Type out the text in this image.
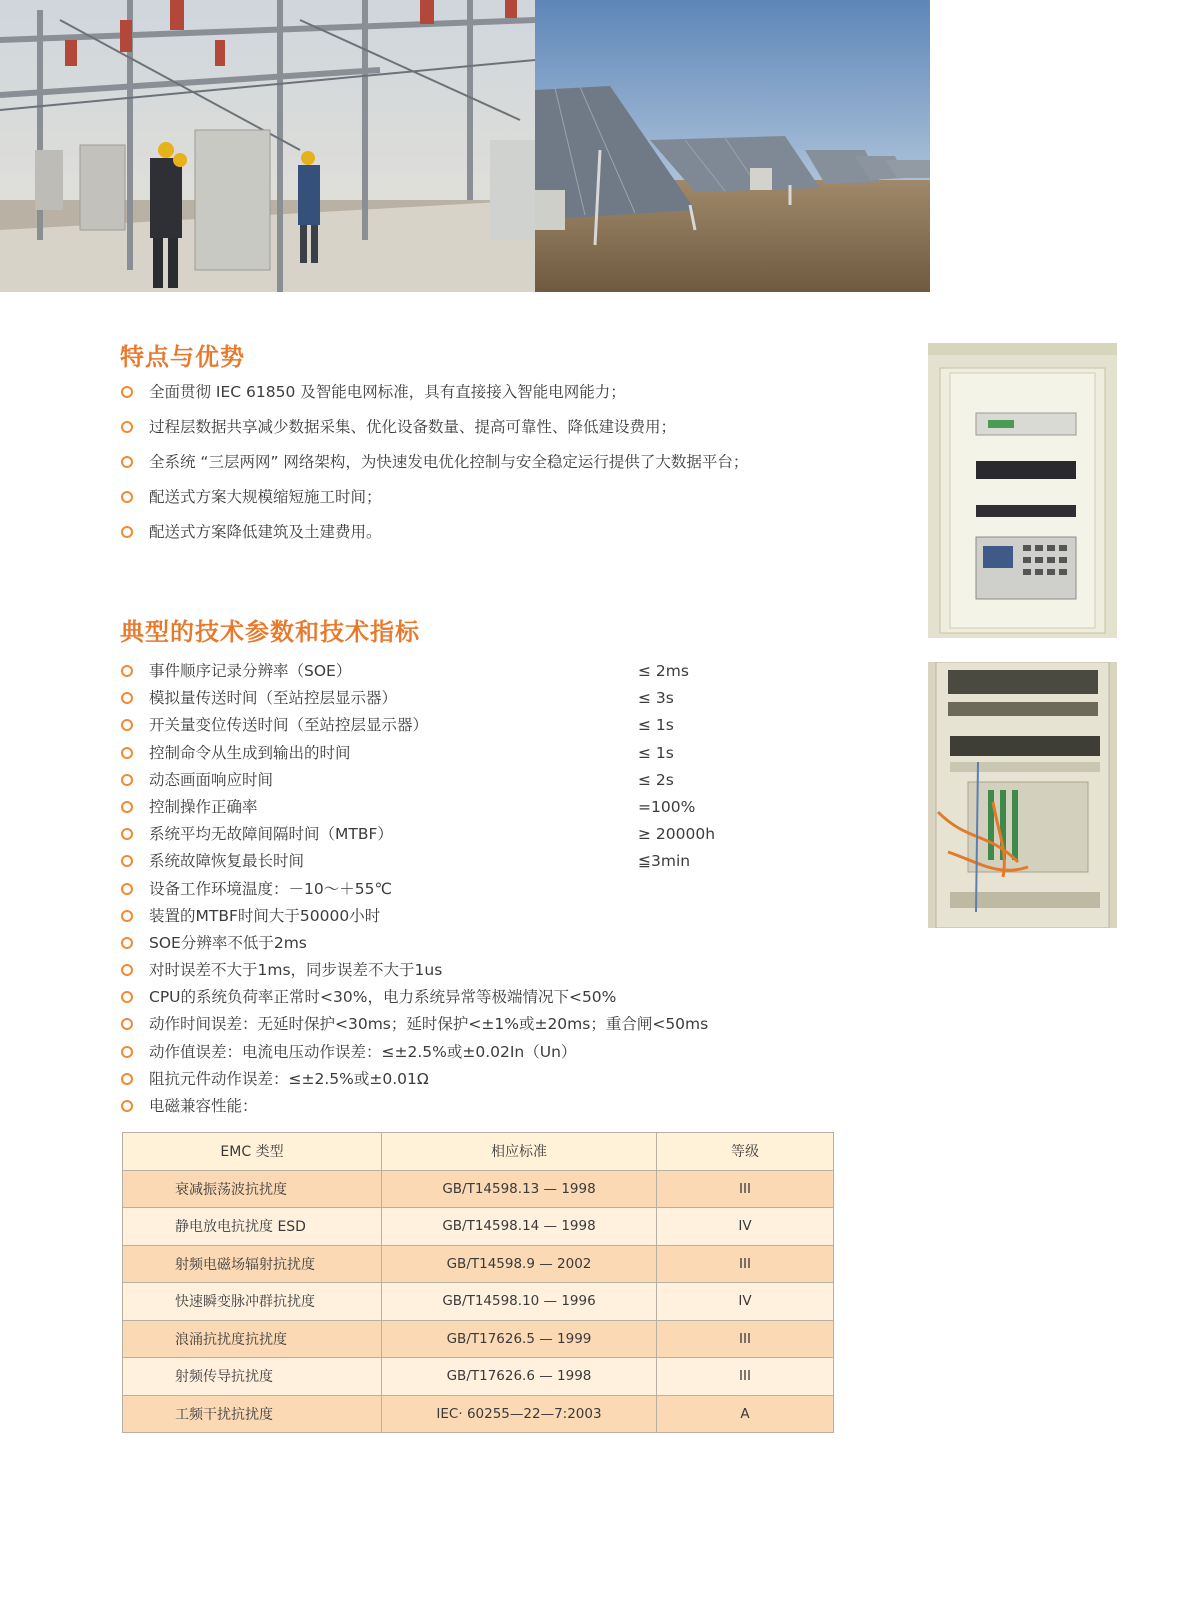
特点与优势
全面贯彻 IEC 61850 及智能电网标准，具有直接接入智能电网能力；
过程层数据共享减少数据采集、优化设备数量、提高可靠性、降低建设费用；
全系统 “三层两网” 网络架构，为快速发电优化控制与安全稳定运行提供了大数据平台；
配送式方案大规模缩短施工时间；
配送式方案降低建筑及土建费用。
典型的技术参数和技术指标
事件顺序记录分辨率（SOE）	≤ 2ms
模拟量传送时间（至站控层显示器）	≤ 3s
开关量变位传送时间（至站控层显示器）	≤ 1s
控制命令从生成到输出的时间	≤ 1s
动态画面响应时间	≤ 2s
控制操作正确率	=100%
系统平均无故障间隔时间（MTBF）	≥ 20000h
系统故障恢复最长时间	≦3min
设备工作环境温度：－10～＋55℃
装置的MTBF时间大于50000小时
SOE分辨率不低于2ms
对时误差不大于1ms，同步误差不大于1us
CPU的系统负荷率正常时<30%，电力系统异常等极端情况下<50%
动作时间误差：无延时保护<30ms；延时保护<±1%或±20ms；重合闸<50ms
动作值误差：电流电压动作误差：≤±2.5%或±0.02In（Un）
阻抗元件动作误差：≤±2.5%或±0.01Ω
电磁兼容性能：
EMC 类型	相应标准	等级
衰减振荡波抗扰度	GB/T14598.13 — 1998	III
静电放电抗扰度 ESD	GB/T14598.14 — 1998	IV
射频电磁场辐射抗扰度	GB/T14598.9 — 2002	III
快速瞬变脉冲群抗扰度	GB/T14598.10 — 1996	IV
浪涌抗扰度抗扰度	GB/T17626.5 — 1999	III
射频传导抗扰度	GB/T17626.6 — 1998	III
工频干扰抗扰度	IEC· 60255—22—7:2003	A
